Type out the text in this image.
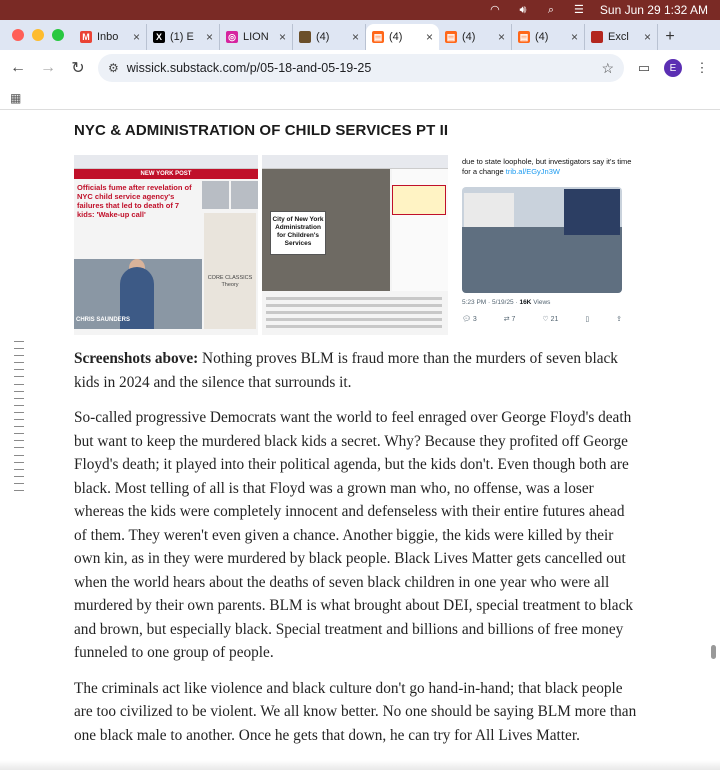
◠	🔊︎	⌕	☰ Sun Jun 29 1:32 AM
M Inbo	×	X (1) E	× ◎ LION ×	(4)	× ▤ (4)	× ▤ (4)	× ▤ (4)	×	Excl	× +
← → ↻ ⚙ wissick.substack.com/p/05-18-and-05-19-25	☆ ▭	E	⋮
▦
NYC & ADMINISTRATION OF CHILD SERVICES PT II
NEW YORK POST
Officials fume after revelation of NYC child service agency's failures that led to death of 7 kids: 'Wake-up call'
CHRIS SAUNDERS
CORE CLASSICS Theory
City of New York Administration for Children's Services
due to state loophole, but investigators say it's time for a change trib.al/EGyJn3W
5:23 PM · 5/19/25 · 16K Views
💬︎ 3	⇄ 7	♡ 21	▯	⇪

Screenshots above: Nothing proves BLM is fraud more than the murders of seven black kids in 2024 and the silence that surrounds it.

So-called progressive Democrats want the world to feel enraged over George Floyd's death but want to keep the murdered black kids a secret. Why? Because they profited off George Floyd's death; it played into their political agenda, but the kids don't. Even though both are black. Most telling of all is that Floyd was a grown man who, no offense, was a loser whereas the kids were completely innocent and defenseless with their entire futures ahead of them. They weren't even given a chance. Another biggie, the kids were killed by their own kin, as in they were murdered by black people. Black Lives Matter gets cancelled out when the world hears about the deaths of seven black children in one year who were all murdered by their own parents. BLM is what brought about DEI, special treatment to black and brown, but especially black. Special treatment and billions and billions of free money funneled to one group of people.

The criminals act like violence and black culture don't go hand-in-hand; that black people are too civilized to be violent. We all know better. No one should be saying BLM more than one black male to another. Once he gets that down, he can try for All Lives Matter.
